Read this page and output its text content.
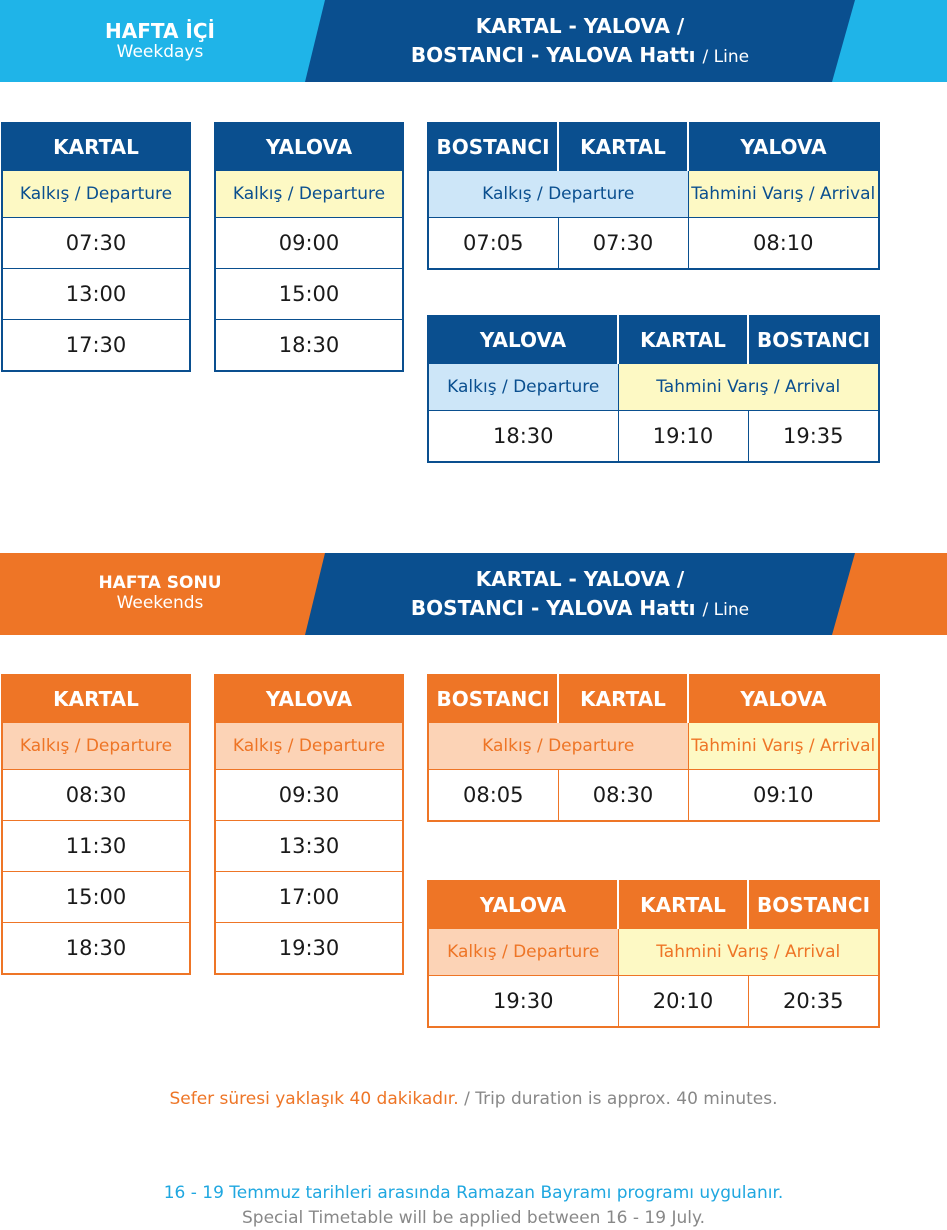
HAFTA İÇİ
Weekdays
KARTAL - YALOVA /
BOSTANCI - YALOVA Hattı / Line
KARTAL
Kalkış / Departure
07:30
13:00
17:30
YALOVA
Kalkış / Departure
09:00
15:00
18:30
BOSTANCI	KARTAL	YALOVA
Kalkış / Departure		Tahmini Varış / Arrival
07:05	07:30	08:10
YALOVA	KARTAL	BOSTANCI
Kalkış / Departure	Tahmini Varış / Arrival	
18:30	19:10	19:35
HAFTA SONU
Weekends
KARTAL - YALOVA /
BOSTANCI - YALOVA Hattı / Line
KARTAL
Kalkış / Departure
08:30
11:30
15:00
18:30
YALOVA
Kalkış / Departure
09:30
13:30
17:00
19:30
BOSTANCI	KARTAL	YALOVA
Kalkış / Departure		Tahmini Varış / Arrival
08:05	08:30	09:10
YALOVA	KARTAL	BOSTANCI
Kalkış / Departure	Tahmini Varış / Arrival	
19:30	20:10	20:35
Sefer süresi yaklaşık 40 dakikadır. / Trip duration is approx. 40 minutes.
16 - 19 Temmuz tarihleri arasında Ramazan Bayramı programı uygulanır.
Special Timetable will be applied between 16 - 19 July.
